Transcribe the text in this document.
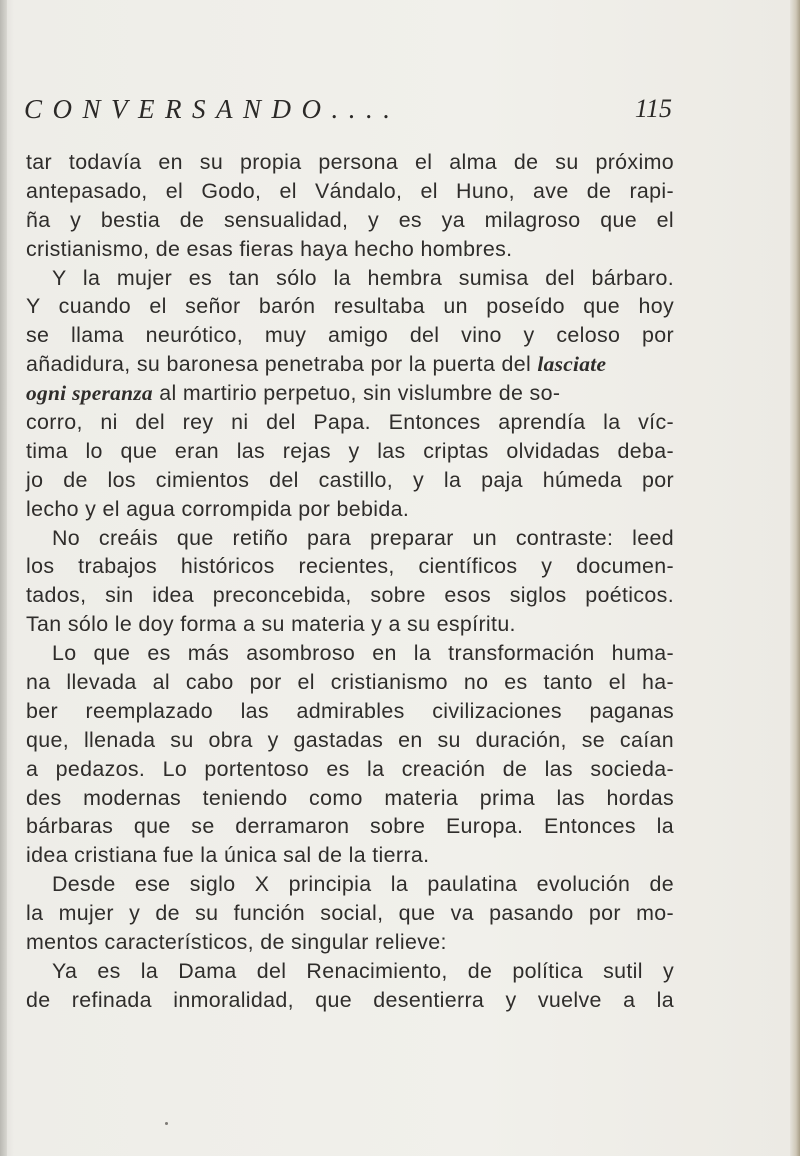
CONVERSANDO....	115
tar todavía en su propia persona el alma de su próximo
antepasado, el Godo, el Vándalo, el Huno, ave de rapi-
ña y bestia de sensualidad, y es ya milagroso que el
cristianismo, de esas fieras haya hecho hombres.
Y la mujer es tan sólo la hembra sumisa del bárbaro.
Y cuando el señor barón resultaba un poseído que hoy
se llama neurótico, muy amigo del vino y celoso por
añadidura, su baronesa penetraba por la puerta del lasciate
ogni speranza al martirio perpetuo, sin vislumbre de so-
corro, ni del rey ni del Papa. Entonces aprendía la víc-
tima lo que eran las rejas y las criptas olvidadas deba-
jo de los cimientos del castillo, y la paja húmeda por
lecho y el agua corrompida por bebida.
No creáis que retiño para preparar un contraste: leed
los trabajos históricos recientes, científicos y documen-
tados, sin idea preconcebida, sobre esos siglos poéticos.
Tan sólo le doy forma a su materia y a su espíritu.
Lo que es más asombroso en la transformación huma-
na llevada al cabo por el cristianismo no es tanto el ha-
ber reemplazado las admirables civilizaciones paganas
que, llenada su obra y gastadas en su duración, se caían
a pedazos. Lo portentoso es la creación de las socieda-
des modernas teniendo como materia prima las hordas
bárbaras que se derramaron sobre Europa. Entonces la
idea cristiana fue la única sal de la tierra.
Desde ese siglo X principia la paulatina evolución de
la mujer y de su función social, que va pasando por mo-
mentos característicos, de singular relieve:
Ya es la Dama del Renacimiento, de política sutil y
de refinada inmoralidad, que desentierra y vuelve a la
